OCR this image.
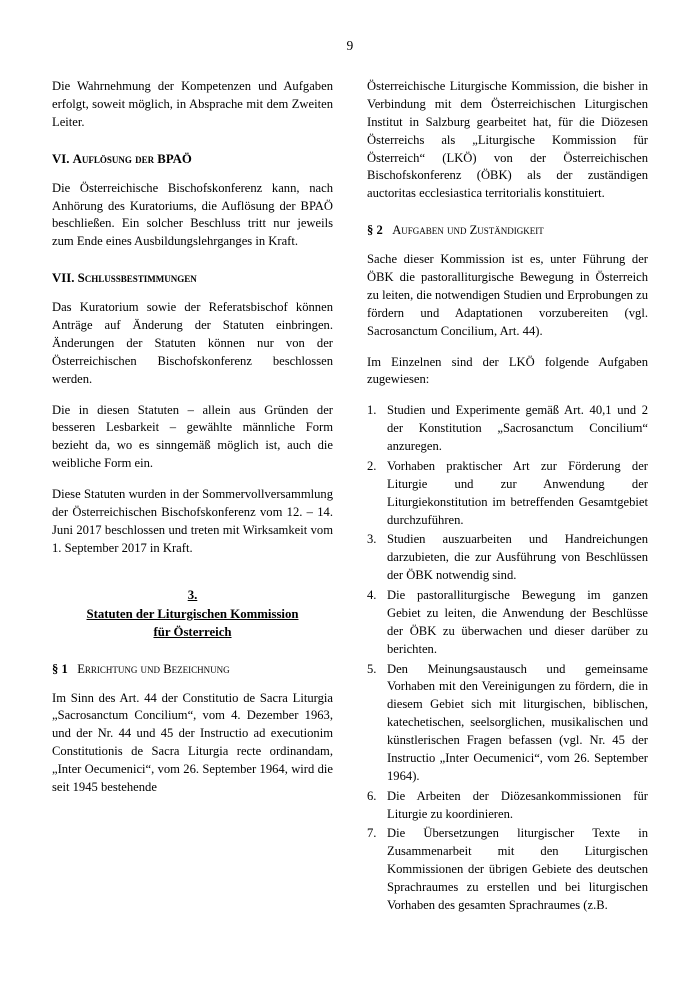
9

Die Wahrnehmung der Kompetenzen und Aufgaben erfolgt, soweit möglich, in Absprache mit dem Zweiten Leiter.

VI. Auflösung der BPAÖ

Die Österreichische Bischofskonferenz kann, nach Anhörung des Kuratoriums, die Auflösung der BPAÖ beschließen. Ein solcher Beschluss tritt nur jeweils zum Ende eines Ausbildungslehrganges in Kraft.

VII. Schlussbestimmungen

Das Kuratorium sowie der Referatsbischof können Anträge auf Änderung der Statuten einbringen. Änderungen der Statuten können nur von der Österreichischen Bischofskonferenz beschlossen werden.

Die in diesen Statuten – allein aus Gründen der besseren Lesbarkeit – gewählte männliche Form bezieht da, wo es sinngemäß möglich ist, auch die weibliche Form ein.

Diese Statuten wurden in der Sommervollversammlung der Österreichischen Bischofskonferenz vom 12. – 14. Juni 2017 beschlossen und treten mit Wirksamkeit vom 1. September 2017 in Kraft.

3.
Statuten der Liturgischen Kommission
für Österreich
§ 1 Errichtung und Bezeichnung

Im Sinn des Art. 44 der Constitutio de Sacra Liturgia „Sacrosanctum Concilium“, vom 4. Dezember 1963, und der Nr. 44 und 45 der Instructio ad executionim Constitutionis de Sacra Liturgia recte ordinandam, „Inter Oecumenici“, vom 26. September 1964, wird die seit 1945 bestehende

Österreichische Liturgische Kommission, die bisher in Verbindung mit dem Österreichischen Liturgischen Institut in Salzburg gearbeitet hat, für die Diözesen Österreichs als „Liturgische Kommission für Österreich“ (LKÖ) von der Österreichischen Bischofskonferenz (ÖBK) als der zuständigen auctoritas ecclesiastica territorialis konstituiert.

§ 2 Aufgaben und Zuständigkeit

Sache dieser Kommission ist es, unter Führung der ÖBK die pastoralliturgische Bewegung in Österreich zu leiten, die notwendigen Studien und Erprobungen zu fördern und Adaptationen vorzubereiten (vgl. Sacrosanctum Concilium, Art. 44).

Im Einzelnen sind der LKÖ folgende Aufgaben zugewiesen:

1. Studien und Experimente gemäß Art. 40,1 und 2 der Konstitution „Sacrosanctum Concilium“ anzuregen.
2. Vorhaben praktischer Art zur Förderung der Liturgie und zur Anwendung der Liturgiekonstitution im betreffenden Gesamtgebiet durchzuführen.
3. Studien auszuarbeiten und Handreichungen darzubieten, die zur Ausführung von Beschlüssen der ÖBK notwendig sind.
4. Die pastoralliturgische Bewegung im ganzen Gebiet zu leiten, die Anwendung der Beschlüsse der ÖBK zu überwachen und dieser darüber zu berichten.
5. Den Meinungsaustausch und gemeinsame Vorhaben mit den Vereinigungen zu fördern, die in diesem Gebiet sich mit liturgischen, biblischen, katechetischen, seelsorglichen, musikalischen und künstlerischen Fragen befassen (vgl. Nr. 45 der Instructio „Inter Oecumenici“, vom 26. September 1964).
6. Die Arbeiten der Diözesankommissionen für Liturgie zu koordinieren.
7. Die Übersetzungen liturgischer Texte in Zusammenarbeit mit den Liturgischen Kommissionen der übrigen Gebiete des deutschen Sprachraumes zu erstellen und bei liturgischen Vorhaben des gesamten Sprachraumes (z.B.
